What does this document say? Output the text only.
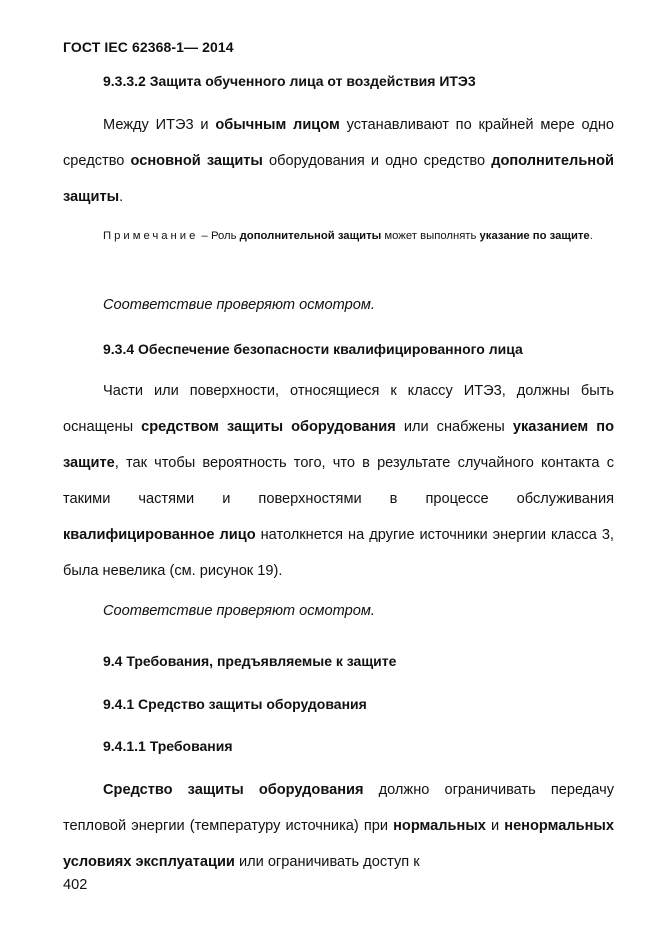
ГОСТ IEC 62368-1— 2014
9.3.3.2 Защита обученного лица от воздействия ИТЭ3
Между ИТЭ3 и обычным лицом устанавливают по крайней мере одно средство основной защиты оборудования и одно средство дополнительной защиты.
Примечание – Роль дополнительной защиты может выполнять указание по защите.
Соответствие проверяют осмотром.
9.3.4 Обеспечение безопасности квалифицированного лица
Части или поверхности, относящиеся к классу ИТЭ3, должны быть оснащены средством защиты оборудования или снабжены указанием по защите, так чтобы вероятность того, что в результате случайного контакта с такими частями и поверхностями в процессе обслуживания квалифицированное лицо натолкнется на другие источники энергии класса 3, была невелика (см. рисунок 19).
Соответствие проверяют осмотром.
9.4 Требования, предъявляемые к защите
9.4.1 Средство защиты оборудования
9.4.1.1 Требования
Средство защиты оборудования должно ограничивать передачу тепловой энергии (температуру источника) при нормальных и ненормальных условиях эксплуатации или ограничивать доступ к
402
